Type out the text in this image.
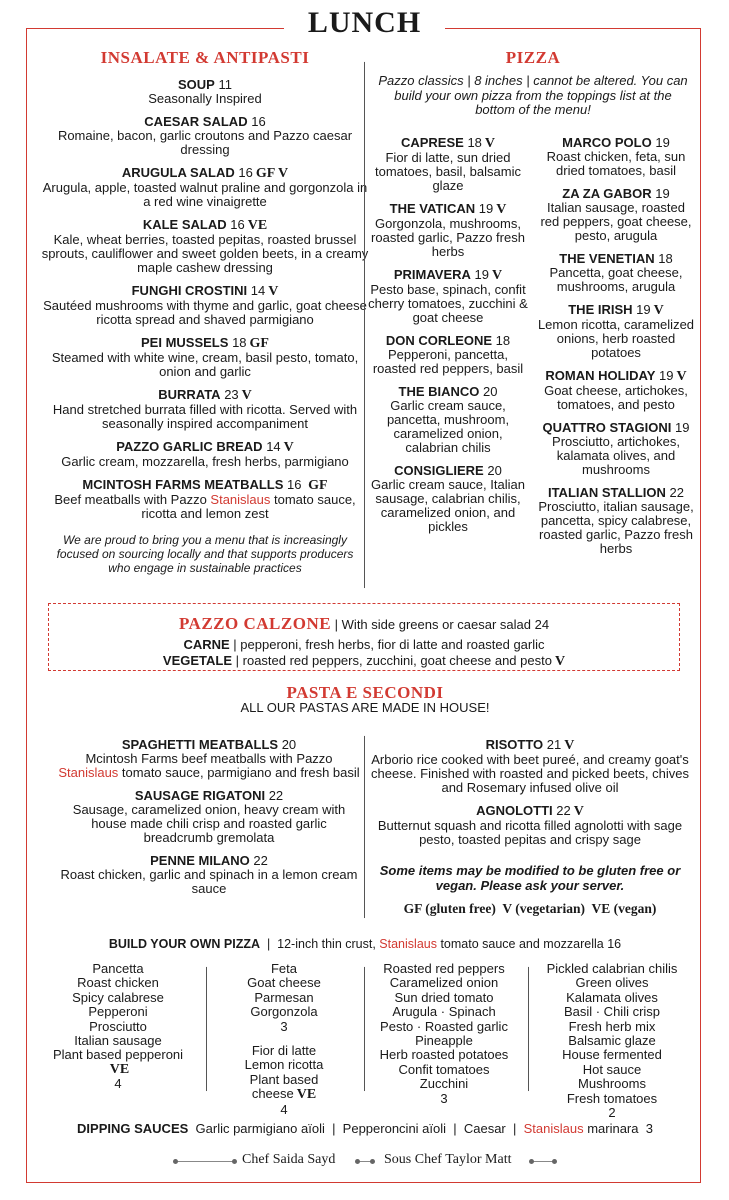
LUNCH
INSALATE & ANTIPASTI
SOUP 11
Seasonally Inspired
CAESAR SALAD 16
Romaine, bacon, garlic croutons and Pazzo caesar dressing
ARUGULA SALAD 16 GF V
Arugula, apple, toasted walnut praline and gorgonzola in a red wine vinaigrette
KALE SALAD 16 VE
Kale, wheat berries, toasted pepitas, roasted brussel sprouts, cauliflower and sweet golden beets, in a creamy maple cashew dressing
FUNGHI CROSTINI 14 V
Sautéed mushrooms with thyme and garlic, goat cheese ricotta spread and shaved parmigiano
PEI MUSSELS 18 GF
Steamed with white wine, cream, basil pesto, tomato, onion and garlic
BURRATA 23 V
Hand stretched burrata filled with ricotta. Served with seasonally inspired accompaniment
PAZZO GARLIC BREAD 14 V
Garlic cream, mozzarella, fresh herbs, parmigiano
MCINTOSH FARMS MEATBALLS 16 GF
Beef meatballs with Pazzo Stanislaus tomato sauce, ricotta and lemon zest
We are proud to bring you a menu that is increasingly focused on sourcing locally and that supports producers who engage in sustainable practices
PIZZA
Pazzo classics | 8 inches | cannot be altered. You can build your own pizza from the toppings list at the bottom of the menu!
CAPRESE 18 V
Fior di latte, sun dried tomatoes, basil, balsamic glaze
THE VATICAN 19 V
Gorgonzola, mushrooms, roasted garlic, Pazzo fresh herbs
PRIMAVERA 19 V
Pesto base, spinach, confit cherry tomatoes, zucchini & goat cheese
DON CORLEONE 18
Pepperoni, pancetta, roasted red peppers, basil
THE BIANCO 20
Garlic cream sauce, pancetta, mushroom, caramelized onion, calabrian chilis
CONSIGLIERE 20
Garlic cream sauce, Italian sausage, calabrian chilis, caramelized onion, and pickles
MARCO POLO 19
Roast chicken, feta, sun dried tomatoes, basil
ZA ZA GABOR 19
Italian sausage, roasted red peppers, goat cheese, pesto, arugula
THE VENETIAN 18
Pancetta, goat cheese, mushrooms, arugula
THE IRISH 19 V
Lemon ricotta, caramelized onions, herb roasted potatoes
ROMAN HOLIDAY 19 V
Goat cheese, artichokes, tomatoes, and pesto
QUATTRO STAGIONI 19
Prosciutto, artichokes, kalamata olives, and mushrooms
ITALIAN STALLION 22
Prosciutto, italian sausage, pancetta, spicy calabrese, roasted garlic, Pazzo fresh herbs
PAZZO CALZONE | With side greens or caesar salad 24
CARNE | pepperoni, fresh herbs, fior di latte and roasted garlic
VEGETALE | roasted red peppers, zucchini, goat cheese and pesto V
PASTA E SECONDI
ALL OUR PASTAS ARE MADE IN HOUSE!
SPAGHETTI MEATBALLS 20
Mcintosh Farms beef meatballs with Pazzo Stanislaus tomato sauce, parmigiano and fresh basil
SAUSAGE RIGATONI 22
Sausage, caramelized onion, heavy cream with house made chili crisp and roasted garlic breadcrumb gremolata
PENNE MILANO 22
Roast chicken, garlic and spinach in a lemon cream sauce
RISOTTO 21 V
Arborio rice cooked with beet pureé, and creamy goat's cheese. Finished with roasted and picked beets, chives and Rosemary infused olive oil
AGNOLOTTI 22 V
Butternut squash and ricotta filled agnolotti with sage pesto, toasted pepitas and crispy sage
Some items may be modified to be gluten free or vegan. Please ask your server.
GF (gluten free)  V (vegetarian)  VE (vegan)
BUILD YOUR OWN PIZZA  |  12-inch thin crust, Stanislaus tomato sauce and mozzarella 16
Pancetta
Roast chicken
Spicy calabrese
Pepperoni
Prosciutto
Italian sausage
Plant based pepperoni
VE
4
Feta
Goat cheese
Parmesan
Gorgonzola
3
Fior di latte
Lemon ricotta
Plant based
cheese VE
4
Roasted red peppers
Caramelized onion
Sun dried tomato
Arugula · Spinach
Pesto · Roasted garlic
Pineapple
Herb roasted potatoes
Confit tomatoes
Zucchini
3
Pickled calabrian chilis
Green olives
Kalamata olives
Basil · Chili crisp
Fresh herb mix
Balsamic glaze
House fermented
Hot sauce
Mushrooms
Fresh tomatoes
2
DIPPING SAUCES  Garlic parmigiano aïoli  |  Pepperoncini aïoli  |  Caesar  |  Stanislaus marinara  3
Chef Saida Sayd	Sous Chef Taylor Matt
